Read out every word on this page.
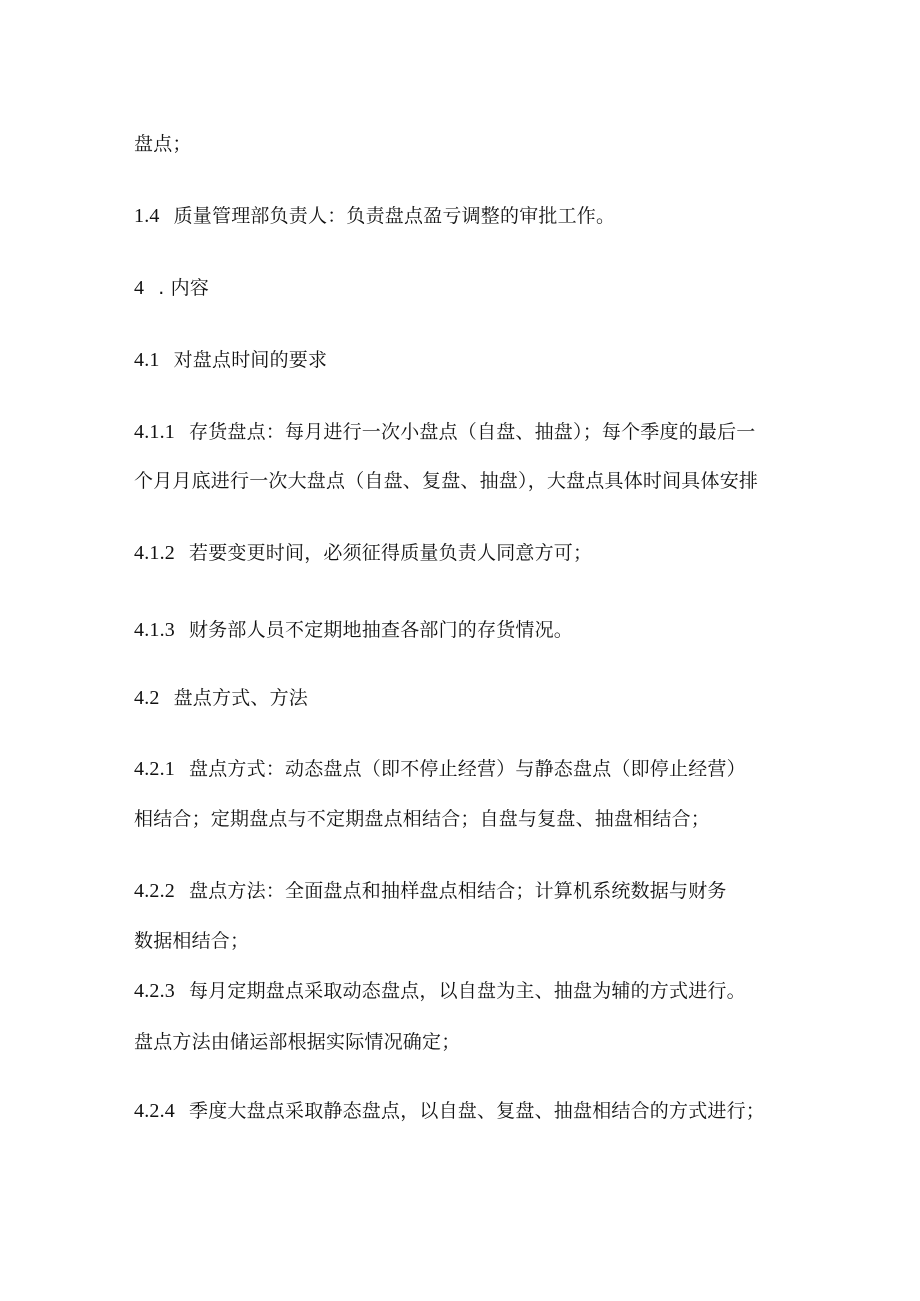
盘点；
1.4 质量管理部负责人：负责盘点盈亏调整的审批工作。
4 . 内容
4.1 对盘点时间的要求
4.1.1 存货盘点：每月进行一次小盘点（自盘、抽盘）；每个季度的最后一
个月月底进行一次大盘点（自盘、复盘、抽盘），大盘点具体时间具体安排
4.1.2 若要变更时间，必须征得质量负责人同意方可；
4.1.3 财务部人员不定期地抽查各部门的存货情况。
4.2 盘点方式、方法
4.2.1 盘点方式：动态盘点（即不停止经营）与静态盘点（即停止经营）
相结合；定期盘点与不定期盘点相结合；自盘与复盘、抽盘相结合；
4.2.2 盘点方法：全面盘点和抽样盘点相结合；计算机系统数据与财务
数据相结合；
4.2.3 每月定期盘点采取动态盘点，以自盘为主、抽盘为辅的方式进行。
盘点方法由储运部根据实际情况确定；
4.2.4 季度大盘点采取静态盘点，以自盘、复盘、抽盘相结合的方式进行；
